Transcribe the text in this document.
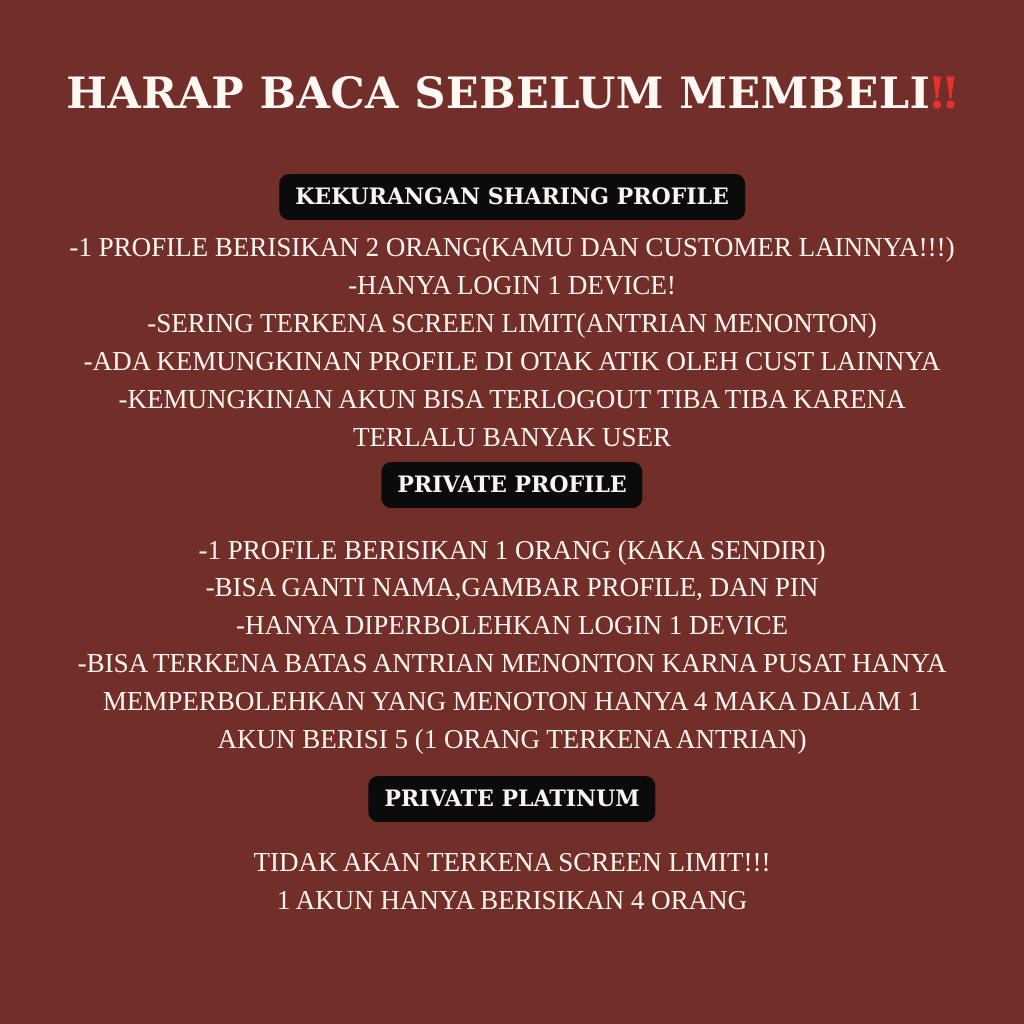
HARAP BACA SEBELUM MEMBELI‼
KEKURANGAN SHARING PROFILE
-1 PROFILE BERISIKAN 2 ORANG(KAMU DAN CUSTOMER LAINNYA!!!)
-HANYA LOGIN 1 DEVICE!
-SERING TERKENA SCREEN LIMIT(ANTRIAN MENONTON)
-ADA KEMUNGKINAN PROFILE DI OTAK ATIK OLEH CUST LAINNYA
-KEMUNGKINAN AKUN BISA TERLOGOUT TIBA TIBA KARENA
TERLALU BANYAK USER
PRIVATE PROFILE
-1 PROFILE BERISIKAN 1 ORANG (KAKA SENDIRI)
-BISA GANTI NAMA,GAMBAR PROFILE, DAN PIN
-HANYA DIPERBOLEHKAN LOGIN 1 DEVICE
-BISA TERKENA BATAS ANTRIAN MENONTON KARNA PUSAT HANYA
MEMPERBOLEHKAN YANG MENOTON HANYA 4 MAKA DALAM 1
AKUN BERISI 5 (1 ORANG TERKENA ANTRIAN)
PRIVATE PLATINUM
TIDAK AKAN TERKENA SCREEN LIMIT!!!
1 AKUN HANYA BERISIKAN 4 ORANG
